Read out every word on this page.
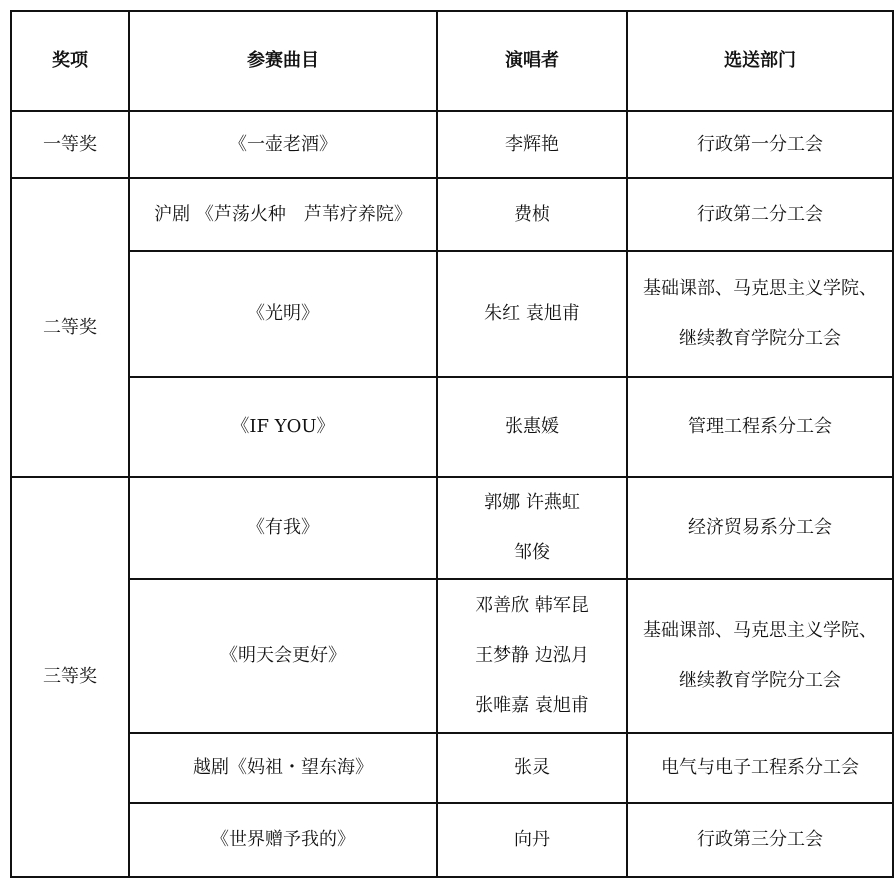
奖项	参赛曲目	演唱者	选送部门
一等奖	《一壶老酒》	李辉艳	行政第一分工会

二等奖	沪剧 《芦荡火种　芦苇疗养院》	费桢	行政第二分工会

	《光明》	朱红 袁旭甫	基础课部、马克思主义学院、
继续教育学院分工会

	《IF YOU》	张惠媛	管理工程系分工会

三等奖	《有我》	郭娜 许燕虹
邹俊	经济贸易系分工会

	《明天会更好》	邓善欣 韩军昆
王梦静 边泓月
张唯嘉 袁旭甫	基础课部、马克思主义学院、
继续教育学院分工会

	越剧《妈祖・望东海》	张灵	电气与电子工程系分工会

	《世界赠予我的》	向丹	行政第三分工会
